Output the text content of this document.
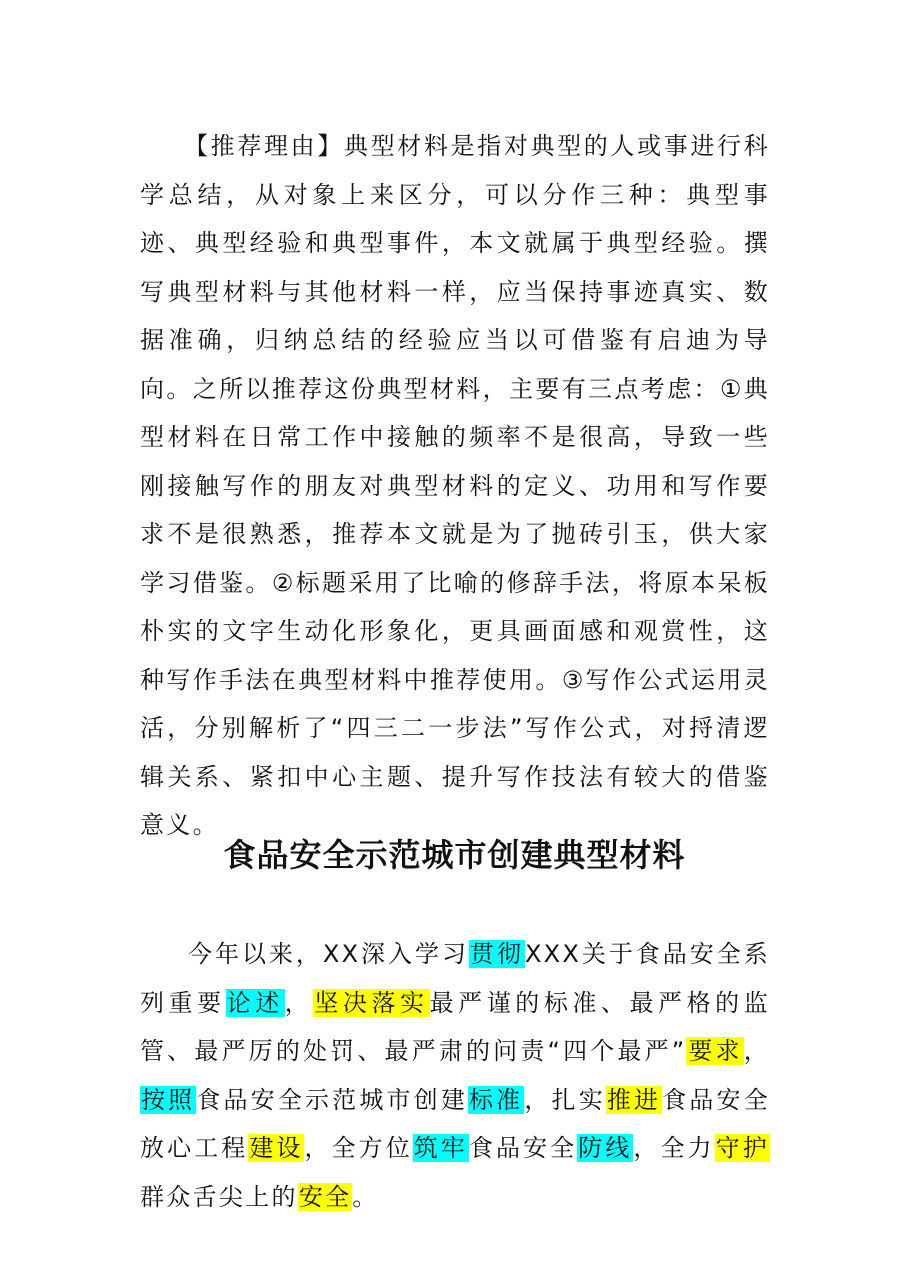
【推荐理由】典型材料是指对典型的人或事进行科学总结，从对象上来区分，可以分作三种：典型事迹、典型经验和典型事件，本文就属于典型经验。撰写典型材料与其他材料一样，应当保持事迹真实、数据准确，归纳总结的经验应当以可借鉴有启迪为导向。之所以推荐这份典型材料，主要有三点考虑：①典型材料在日常工作中接触的频率不是很高，导致一些刚接触写作的朋友对典型材料的定义、功用和写作要求不是很熟悉，推荐本文就是为了抛砖引玉，供大家学习借鉴。②标题采用了比喻的修辞手法，将原本呆板朴实的文字生动化形象化，更具画面感和观赏性，这种写作手法在典型材料中推荐使用。③写作公式运用灵活，分别解析了“四三二一步法”写作公式，对捋清逻辑关系、紧扣中心主题、提升写作技法有较大的借鉴意义。

食品安全示范城市创建典型材料

今年以来，XX深入学习贯彻XXX关于食品安全系列重要论述，坚决落实最严谨的标准、最严格的监管、最严厉的处罚、最严肃的问责“四个最严”要求，按照食品安全示范城市创建标准，扎实推进食品安全放心工程建设，全方位筑牢食品安全防线，全力守护群众舌尖上的安全。
